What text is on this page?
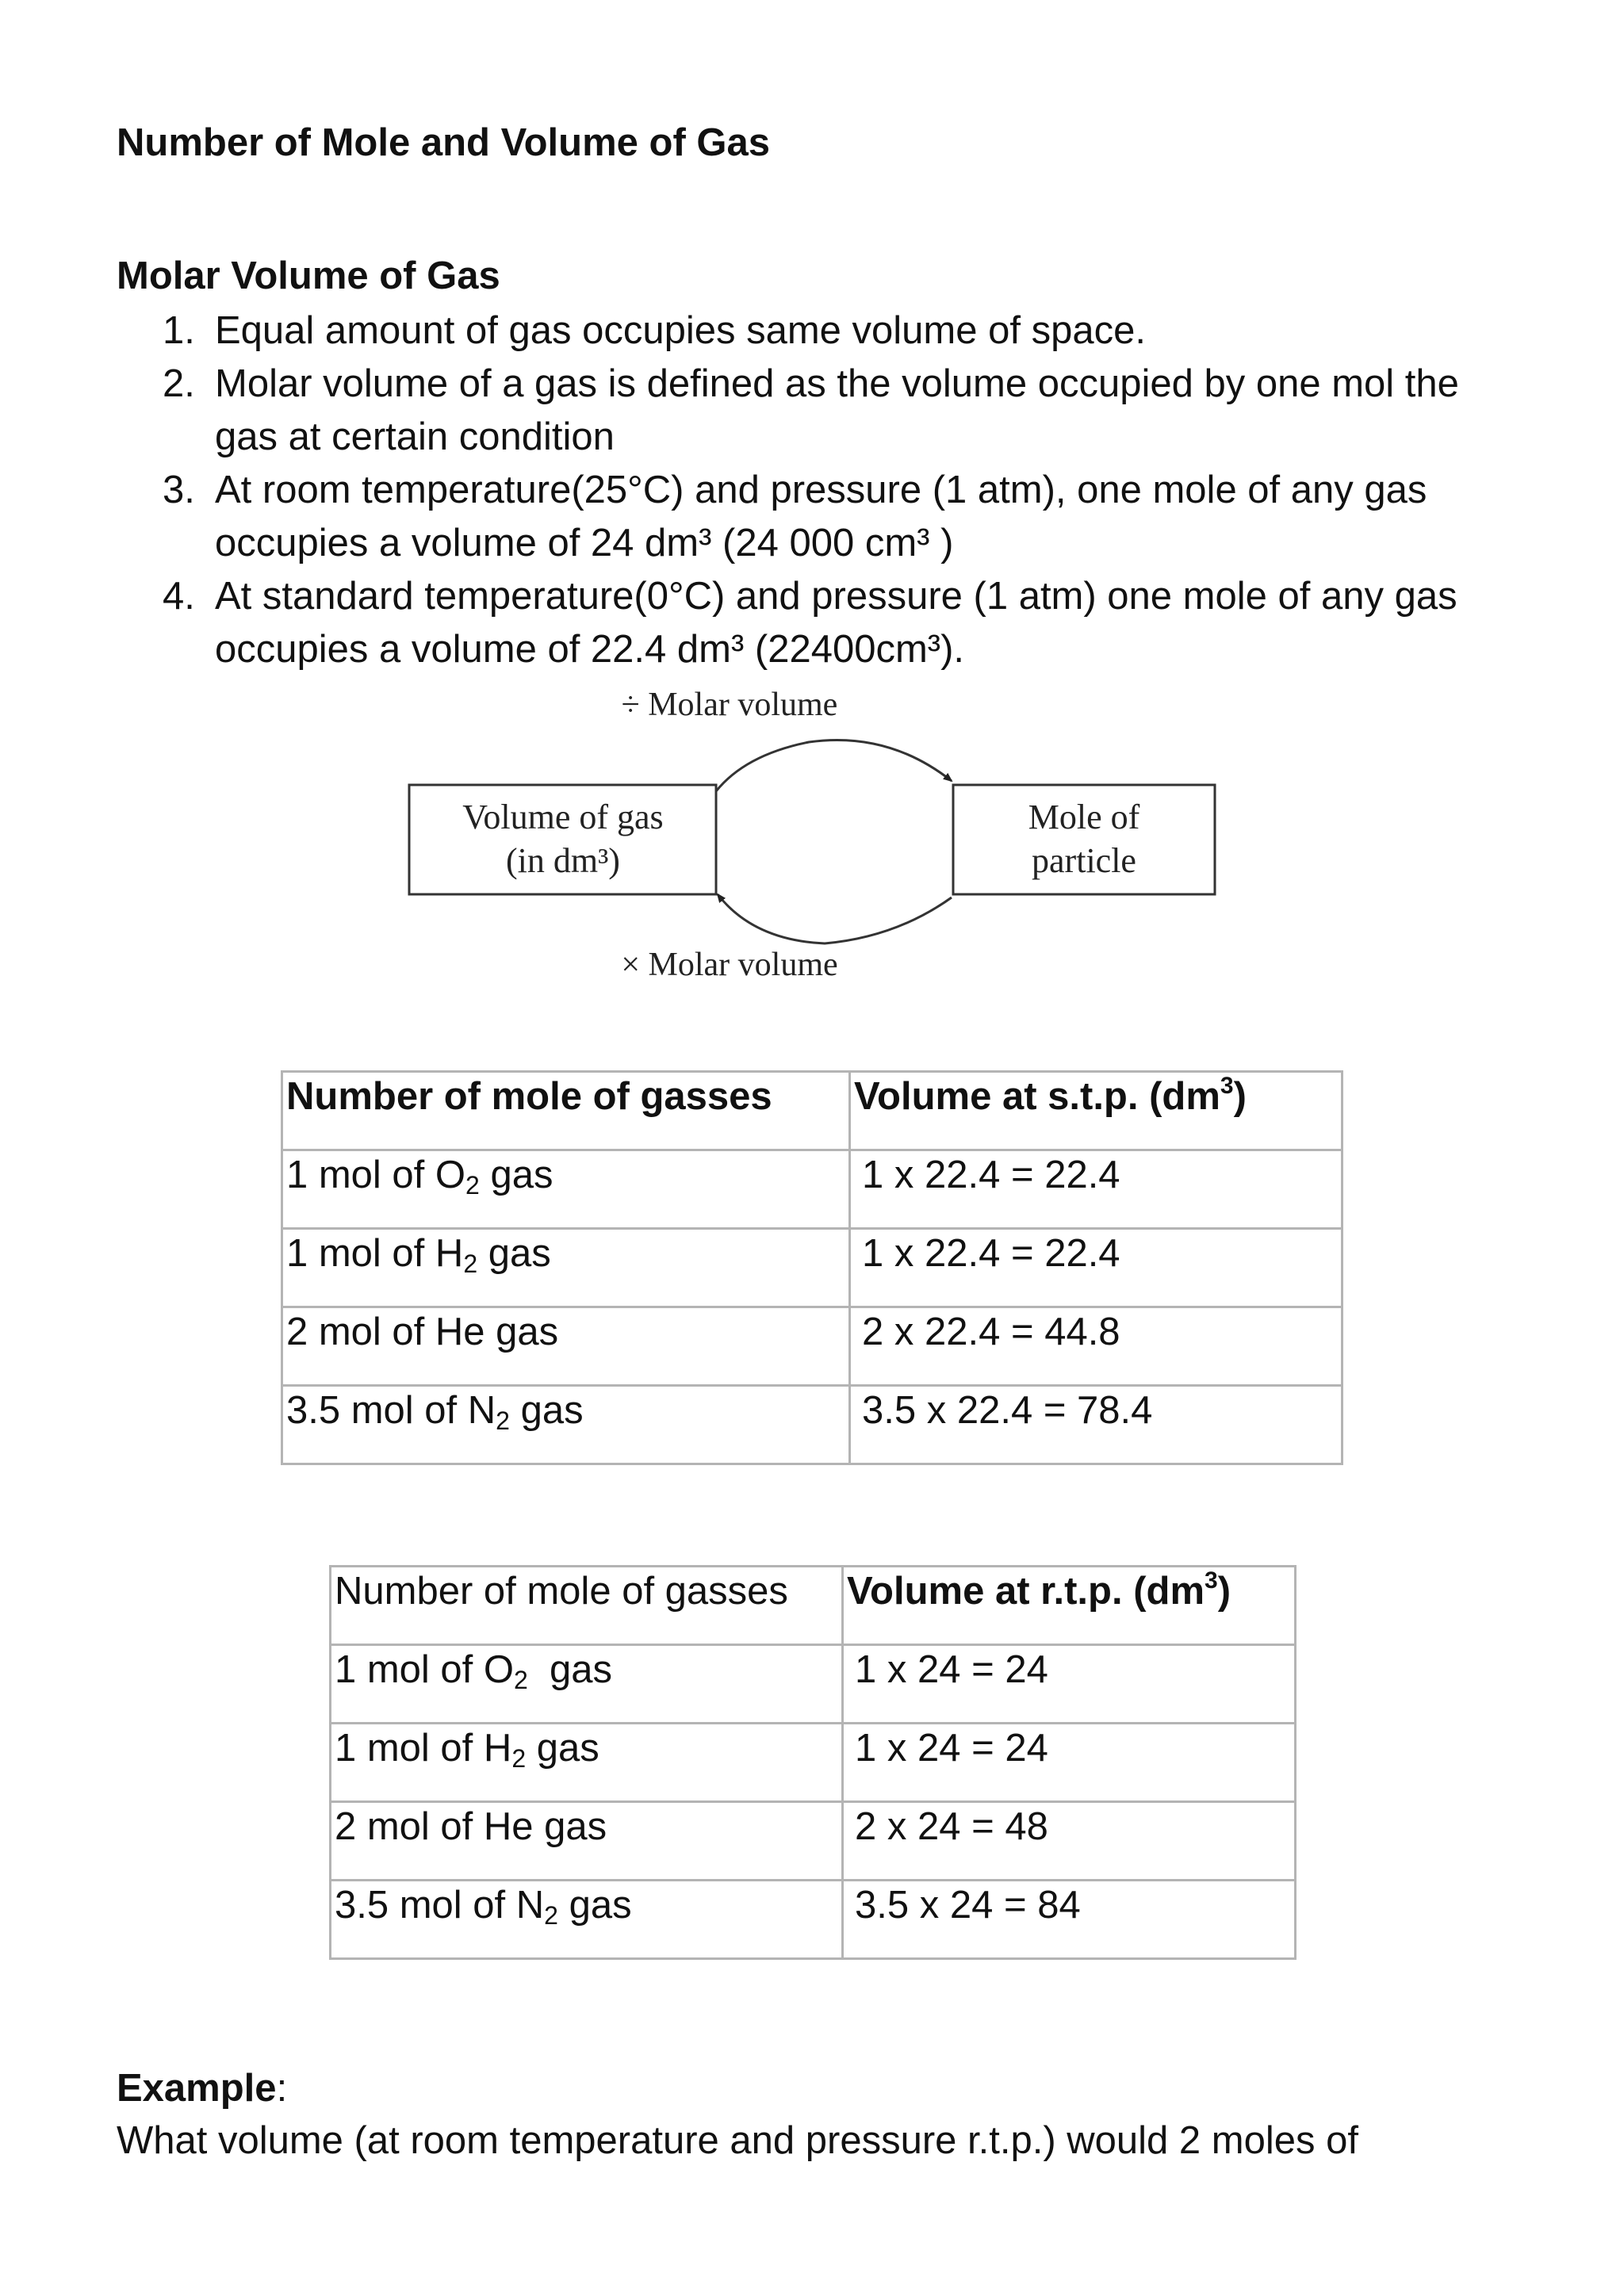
Number of Mole and Volume of Gas
Molar Volume of Gas
1. Equal amount of gas occupies same volume of space.
2. Molar volume of a gas is defined as the volume occupied by one mol the gas at certain condition
3. At room temperature(25°C) and pressure (1 atm), one mole of any gas occupies a volume of 24 dm³ (24 000 cm³ )
4. At standard temperature(0°C) and pressure (1 atm) one mole of any gas occupies a volume of 22.4 dm³ (22400cm³).
÷ Molar volume
Volume of gas
(in dm³)
Mole of
particle
× Molar volume
Number of mole of gasses	Volume at s.t.p. $(dm^3)$
1 mol of $O_2$ gas	1 x 22.4 = 22.4
1 mol of $H_2$ gas	1 x 22.4 = 22.4
2 mol of He gas	2 x 22.4 = 44.8
3.5 mol of $N_2$ gas	3.5 x 22.4 = 78.4
Number of mole of gasses	Volume at r.t.p. $(dm^3)$
1 mol of $O_2$  gas	1 x 24 = 24
1 mol of $H_2$ gas	1 x 24 = 24
2 mol of He gas	2 x 24 = 48
3.5 mol of $N_2$ gas	3.5 x 24 = 84
Example:
What volume (at room temperature and pressure r.t.p.) would 2 moles of
